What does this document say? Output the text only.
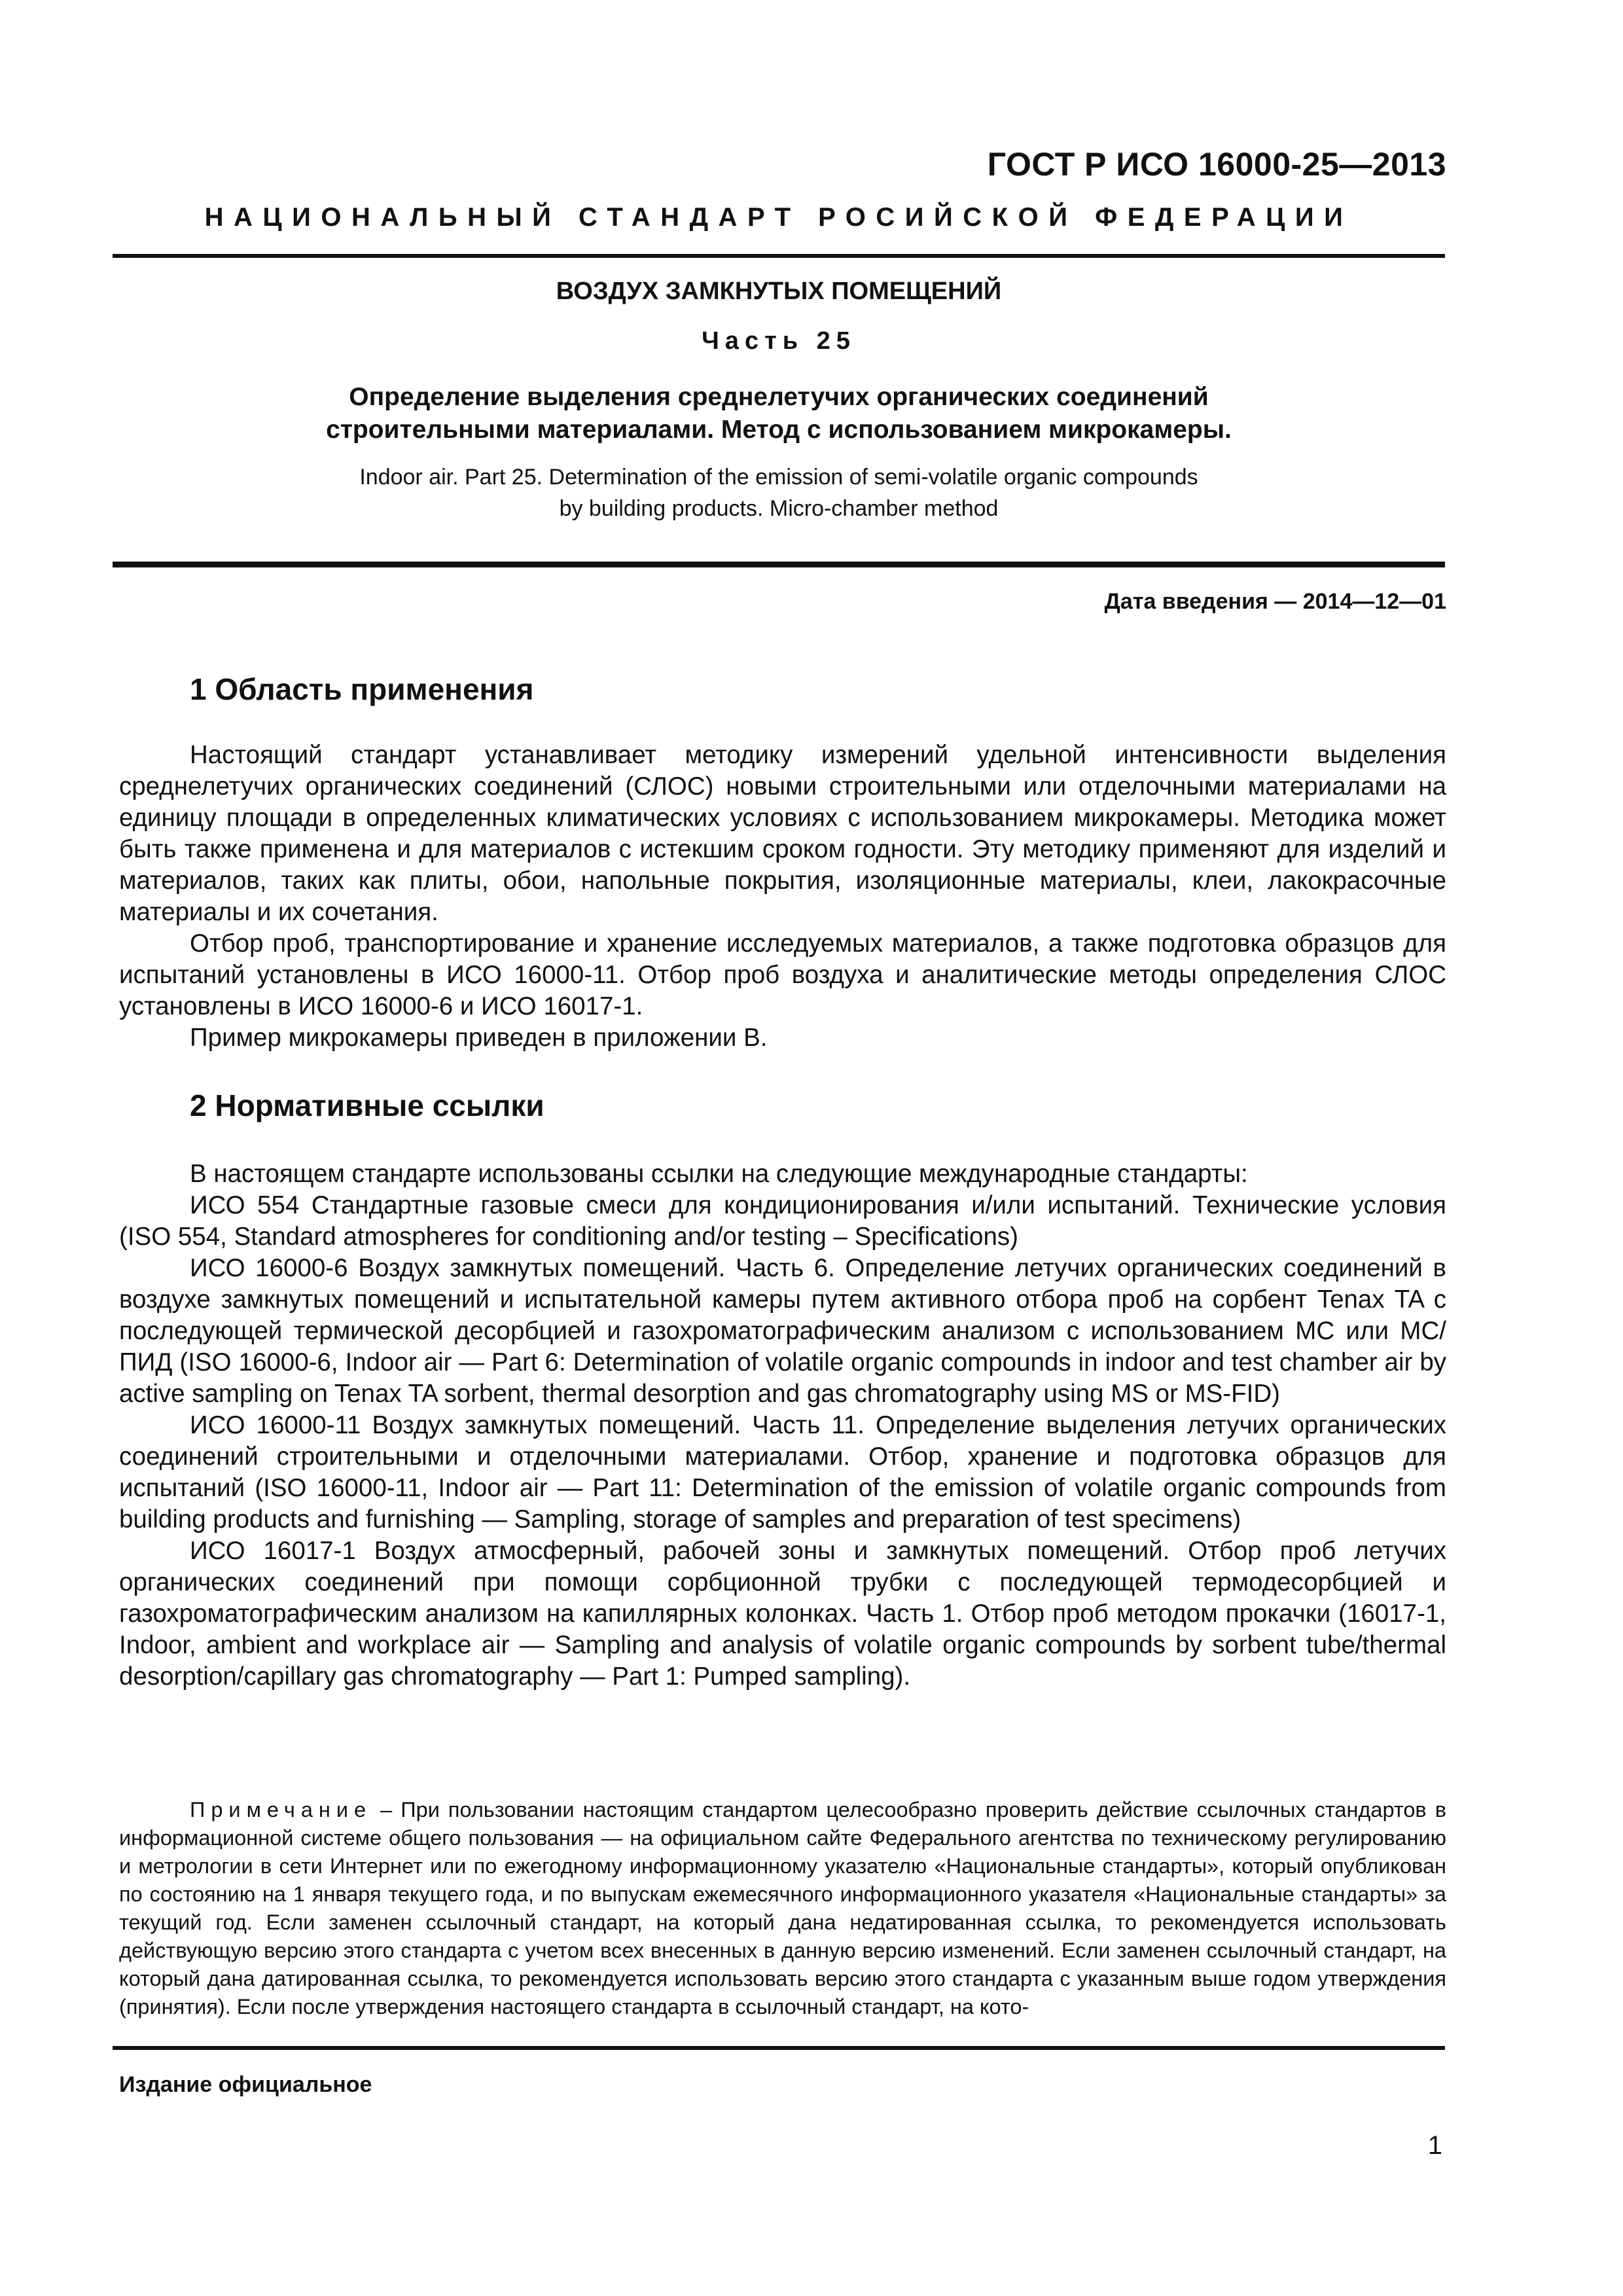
ГОСТ Р ИСО 16000-25—2013
НАЦИОНАЛЬНЫЙ СТАНДАРТ РОСИЙСКОЙ ФЕДЕРАЦИИ
ВОЗДУХ ЗАМКНУТЫХ ПОМЕЩЕНИЙ
Часть 25
Определение выделения среднелетучих органических соединений
строительными материалами. Метод с использованием микрокамеры.
Indoor air. Part 25. Determination of the emission of semi-volatile organic compounds
by building products. Micro-chamber method
Дата введения — 2014—12—01
1 Область применения

Настоящий стандарт устанавливает методику измерений удельной интенсивности выделения среднелетучих органических соединений (СЛОС) новыми строительными или отделочными материалами на единицу площади в определенных климатических условиях с использованием микрокамеры. Методика может быть также применена и для материалов с истекшим сроком годности. Эту методику применяют для изделий и материалов, таких как плиты, обои, напольные покрытия, изоляционные материалы, клеи, лакокрасочные материалы и их сочетания.

Отбор проб, транспортирование и хранение исследуемых материалов, а также подготовка образцов для испытаний установлены в ИСО 16000-11. Отбор проб воздуха и аналитические методы определения СЛОС установлены в ИСО 16000-6 и ИСО 16017-1.

Пример микрокамеры приведен в приложении В.

2 Нормативные ссылки

В настоящем стандарте использованы ссылки на следующие международные стандарты:

ИСО 554 Стандартные газовые смеси для кондиционирования и/или испытаний. Технические условия (ISO 554, Standard atmospheres for conditioning and/or testing – Specifications)

ИСО 16000-6 Воздух замкнутых помещений. Часть 6. Определение летучих органических соединений в воздухе замкнутых помещений и испытательной камеры путем активного отбора проб на сорбент Tenax TA с последующей термической десорбцией и газохроматографическим анализом с использованием МС или МС/ПИД (ISO 16000-6, Indoor air — Part 6: Determination of volatile organic compounds in indoor and test chamber air by active sampling on Tenax TA sorbent, thermal desorption and gas chromatography using MS or MS-FID)

ИСО 16000-11 Воздух замкнутых помещений. Часть 11. Определение выделения летучих органических соединений строительными и отделочными материалами. Отбор, хранение и подготовка образцов для испытаний (ISO 16000-11, Indoor air — Part 11: Determination of the emission of volatile organic compounds from building products and furnishing — Sampling, storage of samples and preparation of test specimens)

ИСО 16017-1 Воздух атмосферный, рабочей зоны и замкнутых помещений. Отбор проб летучих органических соединений при помощи сорбционной трубки с последующей термодесорбцией и газохроматографическим анализом на капиллярных колонках. Часть 1. Отбор проб методом прокачки (16017-1, Indoor, ambient and workplace air — Sampling and analysis of volatile organic compounds by sorbent tube/thermal desorption/capillary gas chromatography — Part 1: Pumped sampling).

Примечание – При пользовании настоящим стандартом целесообразно проверить действие ссылочных стандартов в информационной системе общего пользования — на официальном сайте Федерального агентства по техническому регулированию и метрологии в сети Интернет или по ежегодному информационному указателю «Национальные стандарты», который опубликован по состоянию на 1 января текущего года, и по выпускам ежемесячного информационного указателя «Национальные стандарты» за текущий год. Если заменен ссылочный стандарт, на который дана недатированная ссылка, то рекомендуется использовать действующую версию этого стандарта с учетом всех внесенных в данную версию изменений. Если заменен ссылочный стандарт, на который дана датированная ссылка, то рекомендуется использовать версию этого стандарта с указанным выше годом утверждения (принятия). Если после утверждения настоящего стандарта в ссылочный стандарт, на кото-

Издание официальное
1
